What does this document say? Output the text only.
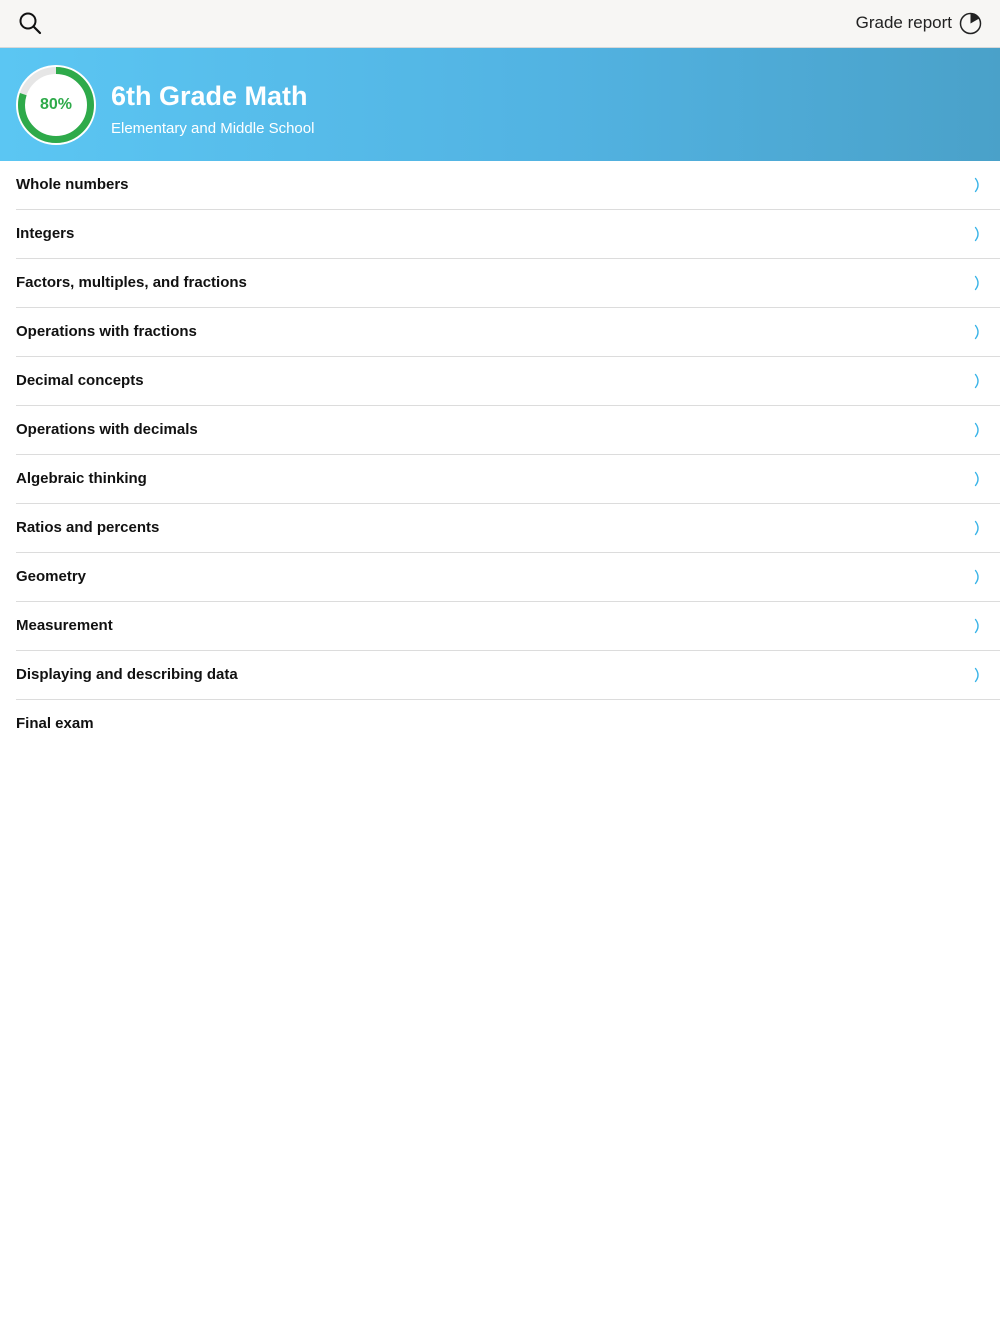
Grade report
80%	6th Grade Math
Elementary and Middle School
Whole numbers
Integers
Factors, multiples, and fractions
Operations with fractions
Decimal concepts
Operations with decimals
Algebraic thinking
Ratios and percents
Geometry
Measurement
Displaying and describing data
Final exam
